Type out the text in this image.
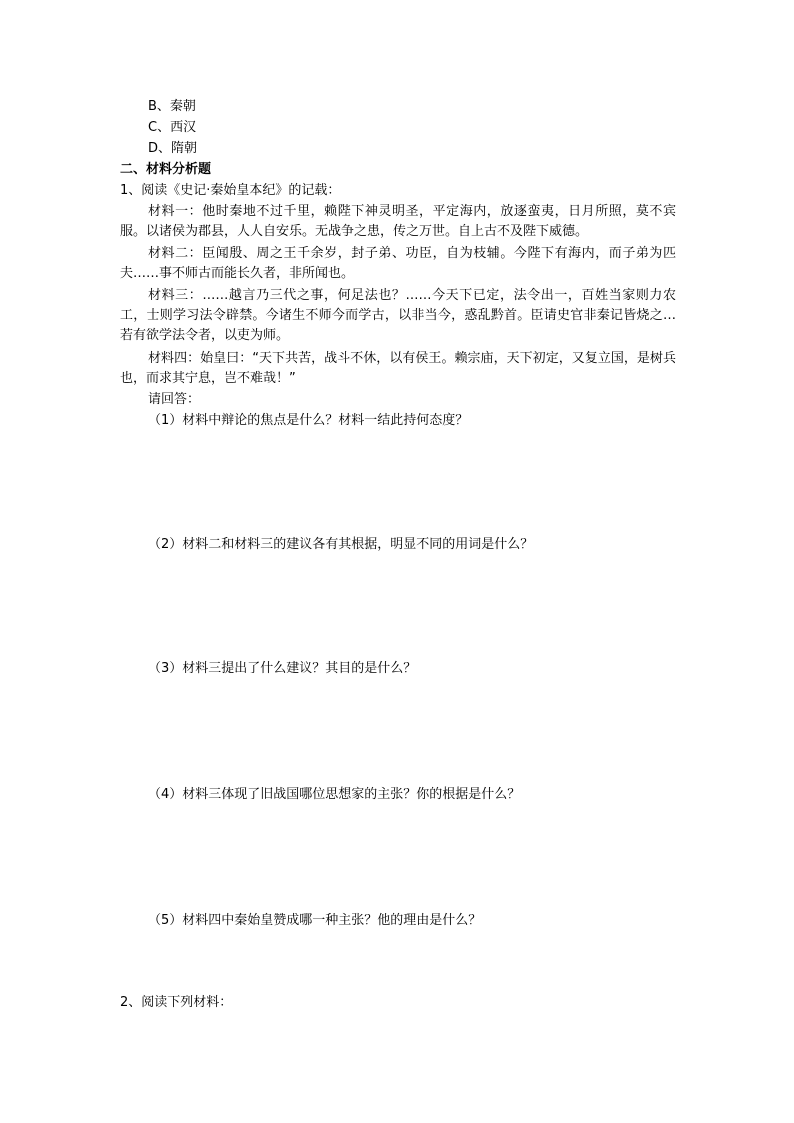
B、秦朝
C、西汉
D、隋朝
二、材料分析题
1、阅读《史记·秦始皇本纪》的记载：
材料一：他时秦地不过千里，赖陛下神灵明圣，平定海内，放逐蛮夷，日月所照，莫不宾服。以诸侯为郡县，人人自安乐。无战争之患，传之万世。自上古不及陛下威德。
材料二：臣闻殷、周之王千余岁，封子弟、功臣，自为枝辅。今陛下有海内，而子弟为匹夫……事不师古而能长久者，非所闻也。
材料三：……越言乃三代之事，何足法也？……今天下已定，法令出一，百姓当家则力农工，士则学习法令辟禁。今诸生不师今而学古，以非当今，惑乱黔首。臣请史官非秦记皆烧之…若有欲学法令者，以吏为师。
材料四：始皇曰：“天下共苦，战斗不休，以有侯王。赖宗庙，天下初定，又复立国，是树兵也，而求其宁息，岂不难哉！”
请回答：
（1）材料中辩论的焦点是什么？材料一结此持何态度？
（2）材料二和材料三的建议各有其根据，明显不同的用词是什么？
（3）材料三提出了什么建议？其目的是什么？
（4）材料三体现了旧战国哪位思想家的主张？你的根据是什么？
（5）材料四中秦始皇赞成哪一种主张？他的理由是什么？
2、阅读下列材料：
